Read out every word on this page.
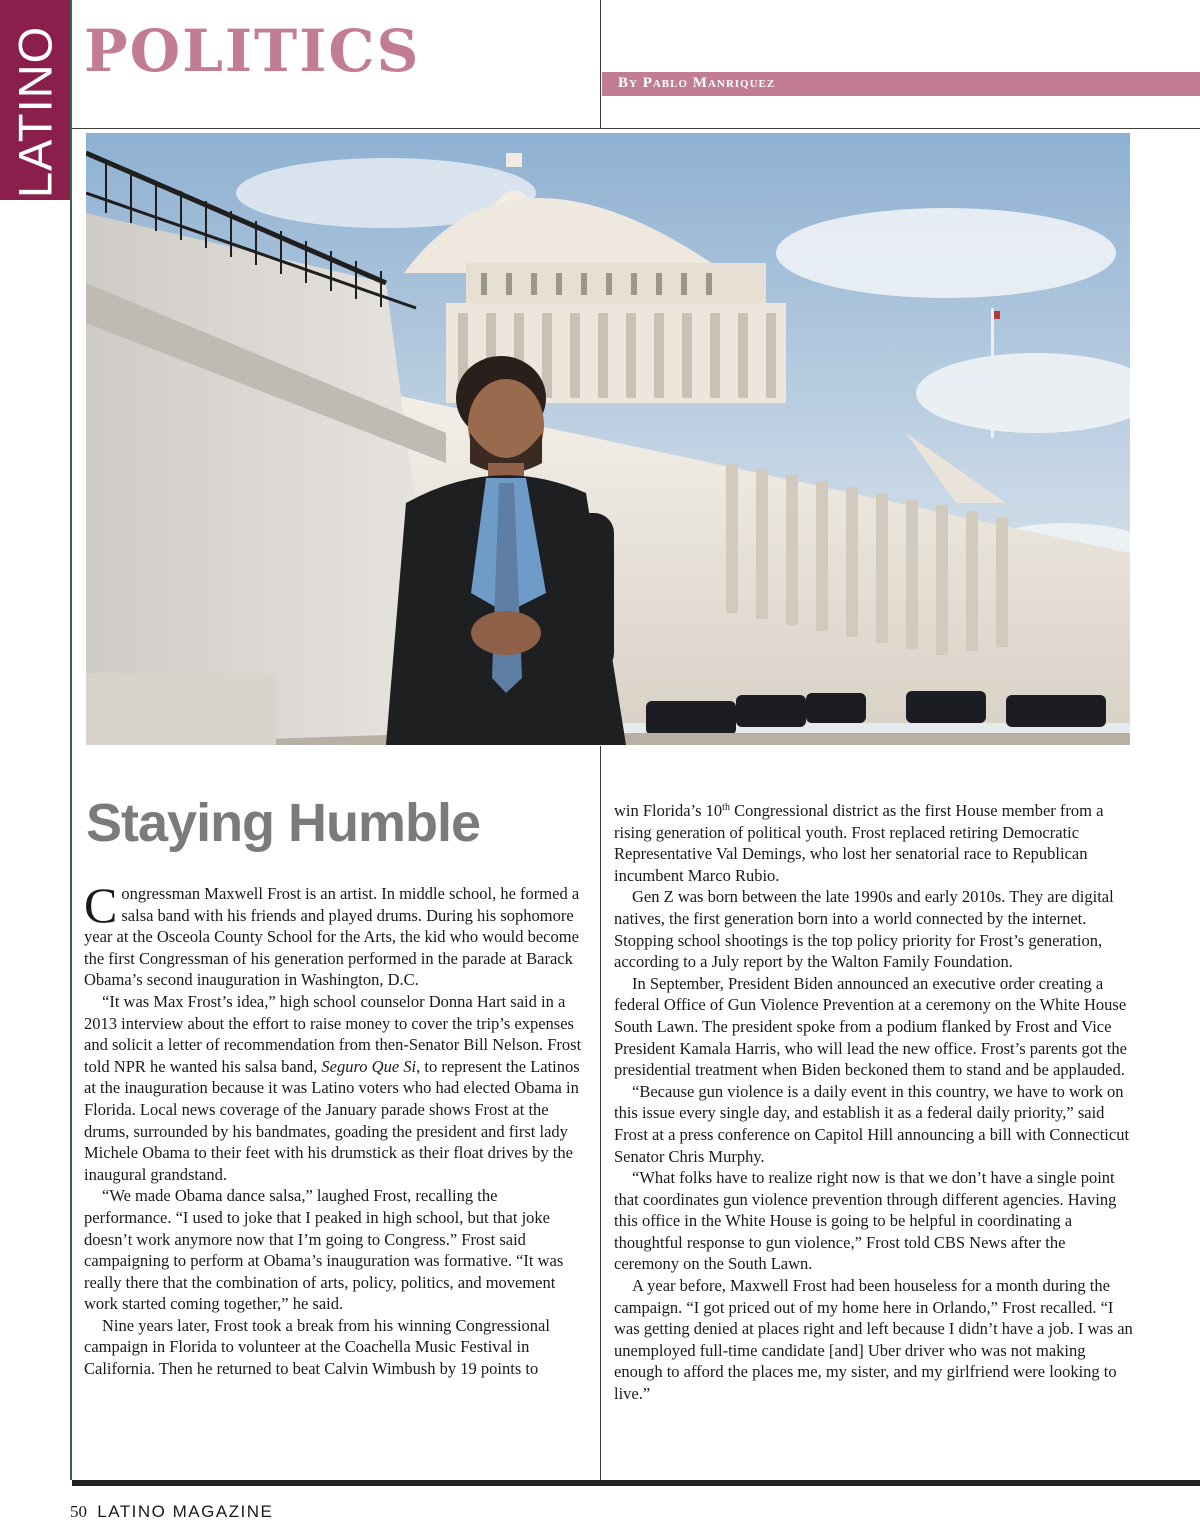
LATINO POLITICS	By Pablo Manriquez
Staying Humble

Congressman Maxwell Frost is an artist. In middle school, he formed a salsa band with his friends and played drums. During his sophomore year at the Osceola County School for the Arts, the kid who would become the first Congressman of his generation performed in the parade at Barack Obama’s second inauguration in Washington, D.C.

“It was Max Frost’s idea,” high school counselor Donna Hart said in a 2013 interview about the effort to raise money to cover the trip’s expenses and solicit a letter of recommendation from then-Senator Bill Nelson. Frost told NPR he wanted his salsa band, Seguro Que Si, to represent the Latinos at the inauguration because it was Latino voters who had elected Obama in Florida. Local news coverage of the January parade shows Frost at the drums, surrounded by his bandmates, goading the president and first lady Michele Obama to their feet with his drumstick as their float drives by the inaugural grandstand.

“We made Obama dance salsa,” laughed Frost, recalling the performance. “I used to joke that I peaked in high school, but that joke doesn’t work anymore now that I’m going to Congress.” Frost said campaigning to perform at Obama’s inauguration was formative. “It was really there that the combination of arts, policy, politics, and movement work started coming together,” he said.

Nine years later, Frost took a break from his winning Congressional campaign in Florida to volunteer at the Coachella Music Festival in California. Then he returned to beat Calvin Wimbush by 19 points to

win Florida’s 10th Congressional district as the first House member from a rising generation of political youth. Frost replaced retiring Democratic Representative Val Demings, who lost her senatorial race to Republican incumbent Marco Rubio.

Gen Z was born between the late 1990s and early 2010s. They are digital natives, the first generation born into a world connected by the internet. Stopping school shootings is the top policy priority for Frost’s generation, according to a July report by the Walton Family Foundation.

In September, President Biden announced an executive order creating a federal Office of Gun Violence Prevention at a ceremony on the White House South Lawn. The president spoke from a podium flanked by Frost and Vice President Kamala Harris, who will lead the new office. Frost’s parents got the presidential treatment when Biden beckoned them to stand and be applauded.

“Because gun violence is a daily event in this country, we have to work on this issue every single day, and establish it as a federal daily priority,” said Frost at a press conference on Capitol Hill announcing a bill with Connecticut Senator Chris Murphy.

“What folks have to realize right now is that we don’t have a single point that coordinates gun violence prevention through different agencies. Having this office in the White House is going to be helpful in coordinating a thoughtful response to gun violence,” Frost told CBS News after the ceremony on the South Lawn.

A year before, Maxwell Frost had been houseless for a month during the campaign. “I got priced out of my home here in Orlando,” Frost recalled. “I was getting denied at places right and left because I didn’t have a job. I was an unemployed full-time candidate [and] Uber driver who was not making enough to afford the places me, my sister, and my girlfriend were looking to live.”

50 LATINO MAGAZINE
